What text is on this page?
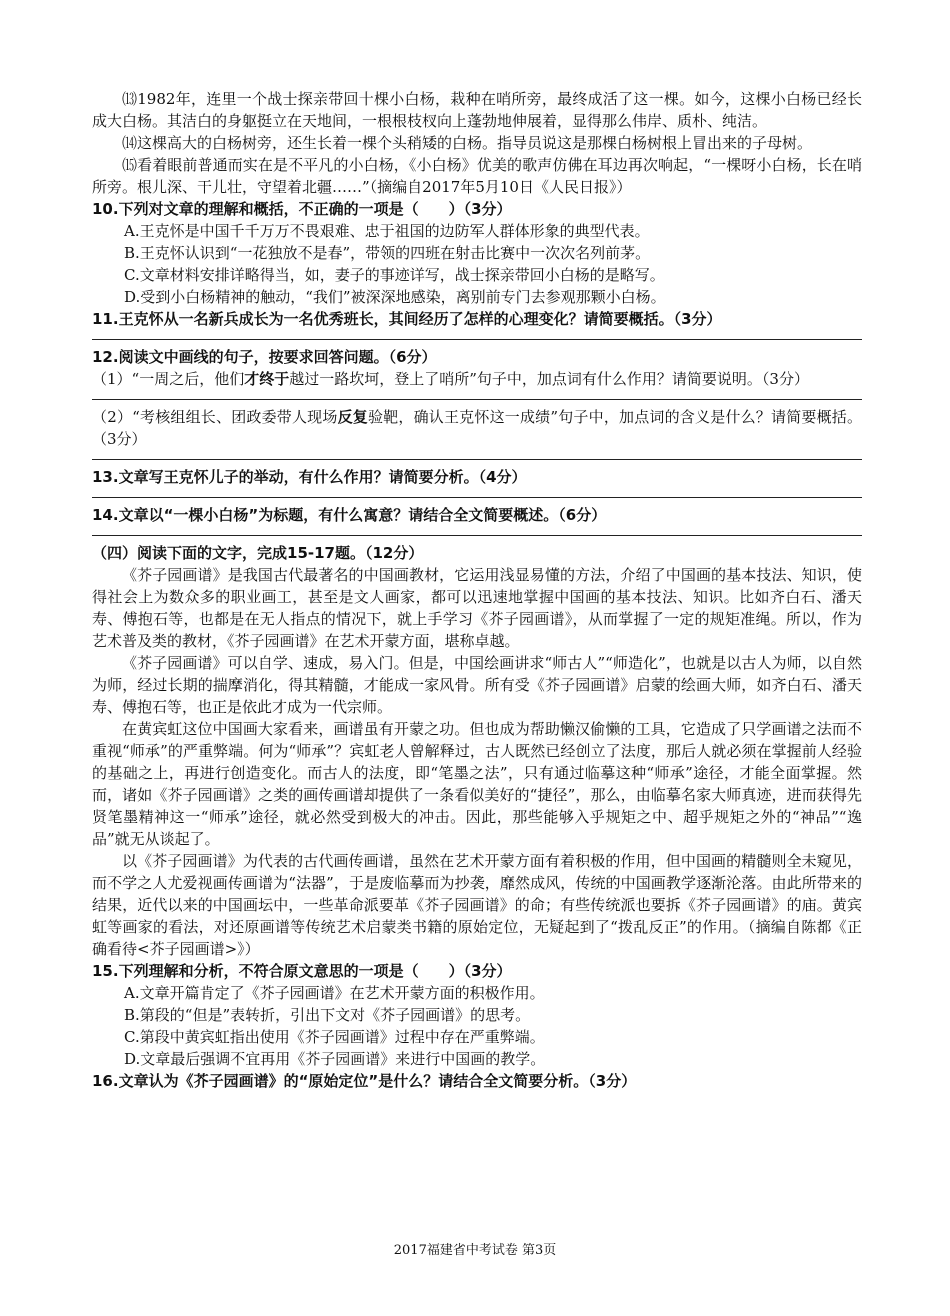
⒀1982年，连里一个战士探亲带回十棵小白杨，栽种在哨所旁，最终成活了这一棵。如今，这棵小白杨已经长成大白杨。其洁白的身躯挺立在天地间，一根根枝杈向上蓬勃地伸展着，显得那么伟岸、质朴、纯洁。

⒁这棵高大的白杨树旁，还生长着一棵个头稍矮的白杨。指导员说这是那棵白杨树根上冒出来的子母树。

⒂看着眼前普通而实在是不平凡的小白杨，《小白杨》优美的歌声仿佛在耳边再次响起，“一棵呀小白杨，长在哨所旁。根儿深、干儿壮，守望着北疆……”（摘编自2017年5月10日《人民日报》）

10.下列对文章的理解和概括，不正确的一项是（　　）（3分）

A.王克怀是中国千千万万不畏艰难、忠于祖国的边防军人群体形象的典型代表。

B.王克怀认识到“一花独放不是春”，带领的四班在射击比赛中一次次名列前茅。

C.文章材料安排详略得当，如，妻子的事迹详写，战士探亲带回小白杨的是略写。

D.受到小白杨精神的触动，“我们”被深深地感染，离别前专门去参观那颗小白杨。

11.王克怀从一名新兵成长为一名优秀班长，其间经历了怎样的心理变化？请简要概括。（3分）

12.阅读文中画线的句子，按要求回答问题。（6分）

（1）“一周之后，他们才终于越过一路坎坷，登上了哨所”句子中，加点词有什么作用？请简要说明。（3分）

（2）“考核组组长、团政委带人现场反复验靶，确认王克怀这一成绩”句子中，加点词的含义是什么？请简要概括。（3分）

13.文章写王克怀儿子的举动，有什么作用？请简要分析。（4分）

14.文章以“一棵小白杨”为标题，有什么寓意？请结合全文简要概述。（6分）

（四）阅读下面的文字，完成15-17题。（12分）

《芥子园画谱》是我国古代最著名的中国画教材，它运用浅显易懂的方法，介绍了中国画的基本技法、知识，使得社会上为数众多的职业画工，甚至是文人画家，都可以迅速地掌握中国画的基本技法、知识。比如齐白石、潘天寿、傅抱石等，也都是在无人指点的情况下，就上手学习《芥子园画谱》，从而掌握了一定的规矩准绳。所以，作为艺术普及类的教材，《芥子园画谱》在艺术开蒙方面，堪称卓越。

《芥子园画谱》可以自学、速成，易入门。但是，中国绘画讲求“师古人”“师造化”，也就是以古人为师，以自然为师，经过长期的揣摩消化，得其精髓，才能成一家风骨。所有受《芥子园画谱》启蒙的绘画大师，如齐白石、潘天寿、傅抱石等，也正是依此才成为一代宗师。

在黄宾虹这位中国画大家看来，画谱虽有开蒙之功。但也成为帮助懒汉偷懒的工具，它造成了只学画谱之法而不重视“师承”的严重弊端。何为“师承”？宾虹老人曾解释过，古人既然已经创立了法度，那后人就必须在掌握前人经验的基础之上，再进行创造变化。而古人的法度，即“笔墨之法”，只有通过临摹这种“师承”途径，才能全面掌握。然而，诸如《芥子园画谱》之类的画传画谱却提供了一条看似美好的“捷径”，那么，由临摹名家大师真迹，进而获得先贤笔墨精神这一“师承”途径，就必然受到极大的冲击。因此，那些能够入乎规矩之中、超乎规矩之外的“神品”“逸品”就无从谈起了。

以《芥子园画谱》为代表的古代画传画谱，虽然在艺术开蒙方面有着积极的作用，但中国画的精髓则全未窥见，而不学之人尤爱视画传画谱为“法器”，于是废临摹而为抄袭，靡然成风，传统的中国画教学逐渐沦落。由此所带来的结果，近代以来的中国画坛中，一些革命派要革《芥子园画谱》的命；有些传统派也要拆《芥子园画谱》的庙。黄宾虹等画家的看法，对还原画谱等传统艺术启蒙类书籍的原始定位，无疑起到了“拨乱反正”的作用。（摘编自陈都《正确看待<芥子园画谱>》）

15.下列理解和分析，不符合原文意思的一项是（　　）（3分）

A.文章开篇肯定了《芥子园画谱》在艺术开蒙方面的积极作用。

B.第段的“但是”表转折，引出下文对《芥子园画谱》的思考。

C.第段中黄宾虹指出使用《芥子园画谱》过程中存在严重弊端。

D.文章最后强调不宜再用《芥子园画谱》来进行中国画的教学。

16.文章认为《芥子园画谱》的“原始定位”是什么？请结合全文简要分析。（3分）

2017福建省中考试卷 第3页
